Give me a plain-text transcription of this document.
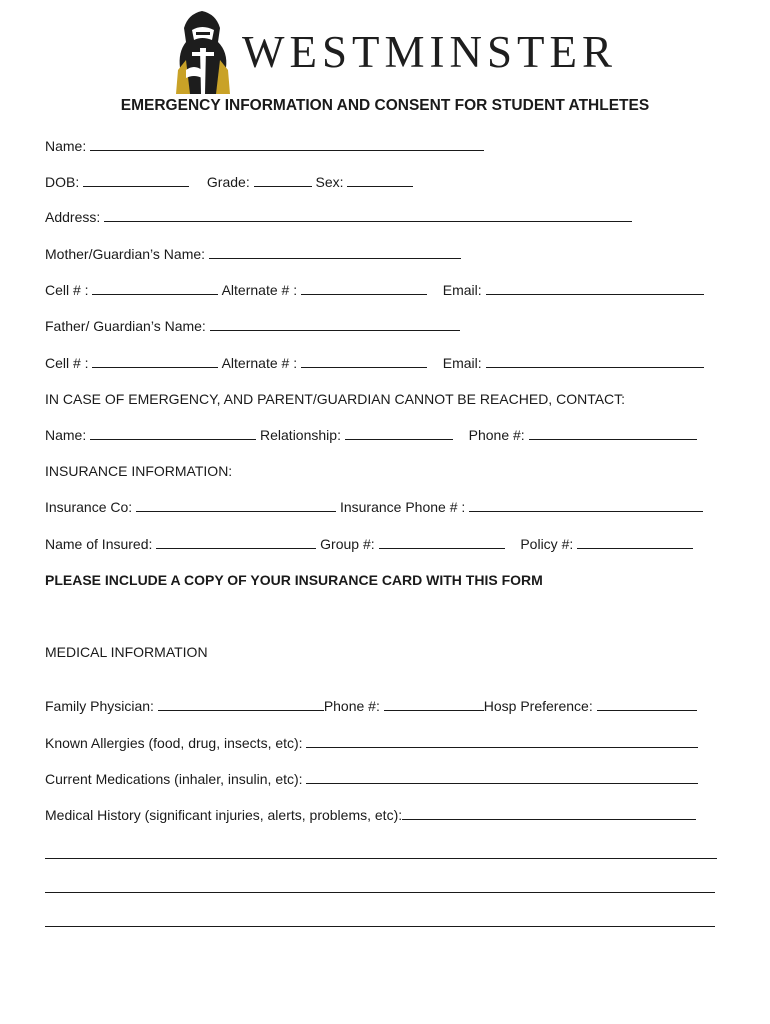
WESTMINSTER
EMERGENCY INFORMATION AND CONSENT FOR STUDENT ATHLETES
Name:
DOB:	Grade:	Sex:
Address:
Mother/Guardian’s Name:
Cell # :	Alternate # :	Email:
Father/ Guardian’s Name:
Cell # :	Alternate # :	Email:
IN CASE OF EMERGENCY, AND PARENT/GUARDIAN CANNOT BE REACHED, CONTACT:
Name:	Relationship:	Phone #:
INSURANCE INFORMATION:
Insurance Co:	Insurance Phone # :
Name of Insured:	Group #:	Policy #:
PLEASE INCLUDE A COPY OF YOUR INSURANCE CARD WITH THIS FORM
MEDICAL INFORMATION
Family Physician:	Phone #:	Hosp Preference:
Known Allergies (food, drug, insects, etc):
Current Medications (inhaler, insulin, etc):
Medical History (significant injuries, alerts, problems, etc):
